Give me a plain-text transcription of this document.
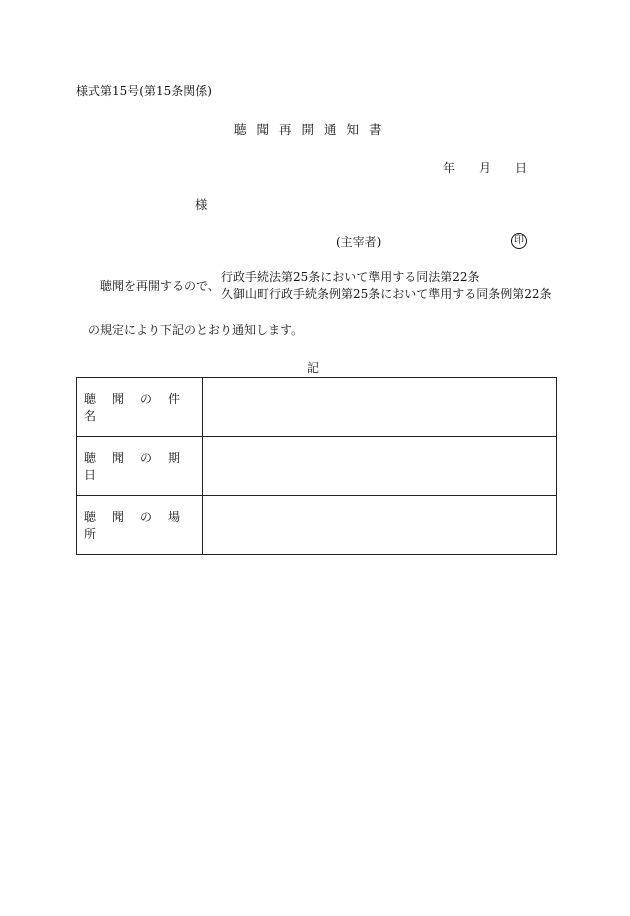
様式第15号(第15条関係)
聴聞再開通知書
年 月 日
様
(主宰者)	印
聴聞を再開するので、
行政手続法第25条において準用する同法第22条
久御山町行政手続条例第25条において準用する同条例第22条
の規定により下記のとおり通知します。
記
聴聞の件名	
聴聞の期日	
聴聞の場所	
